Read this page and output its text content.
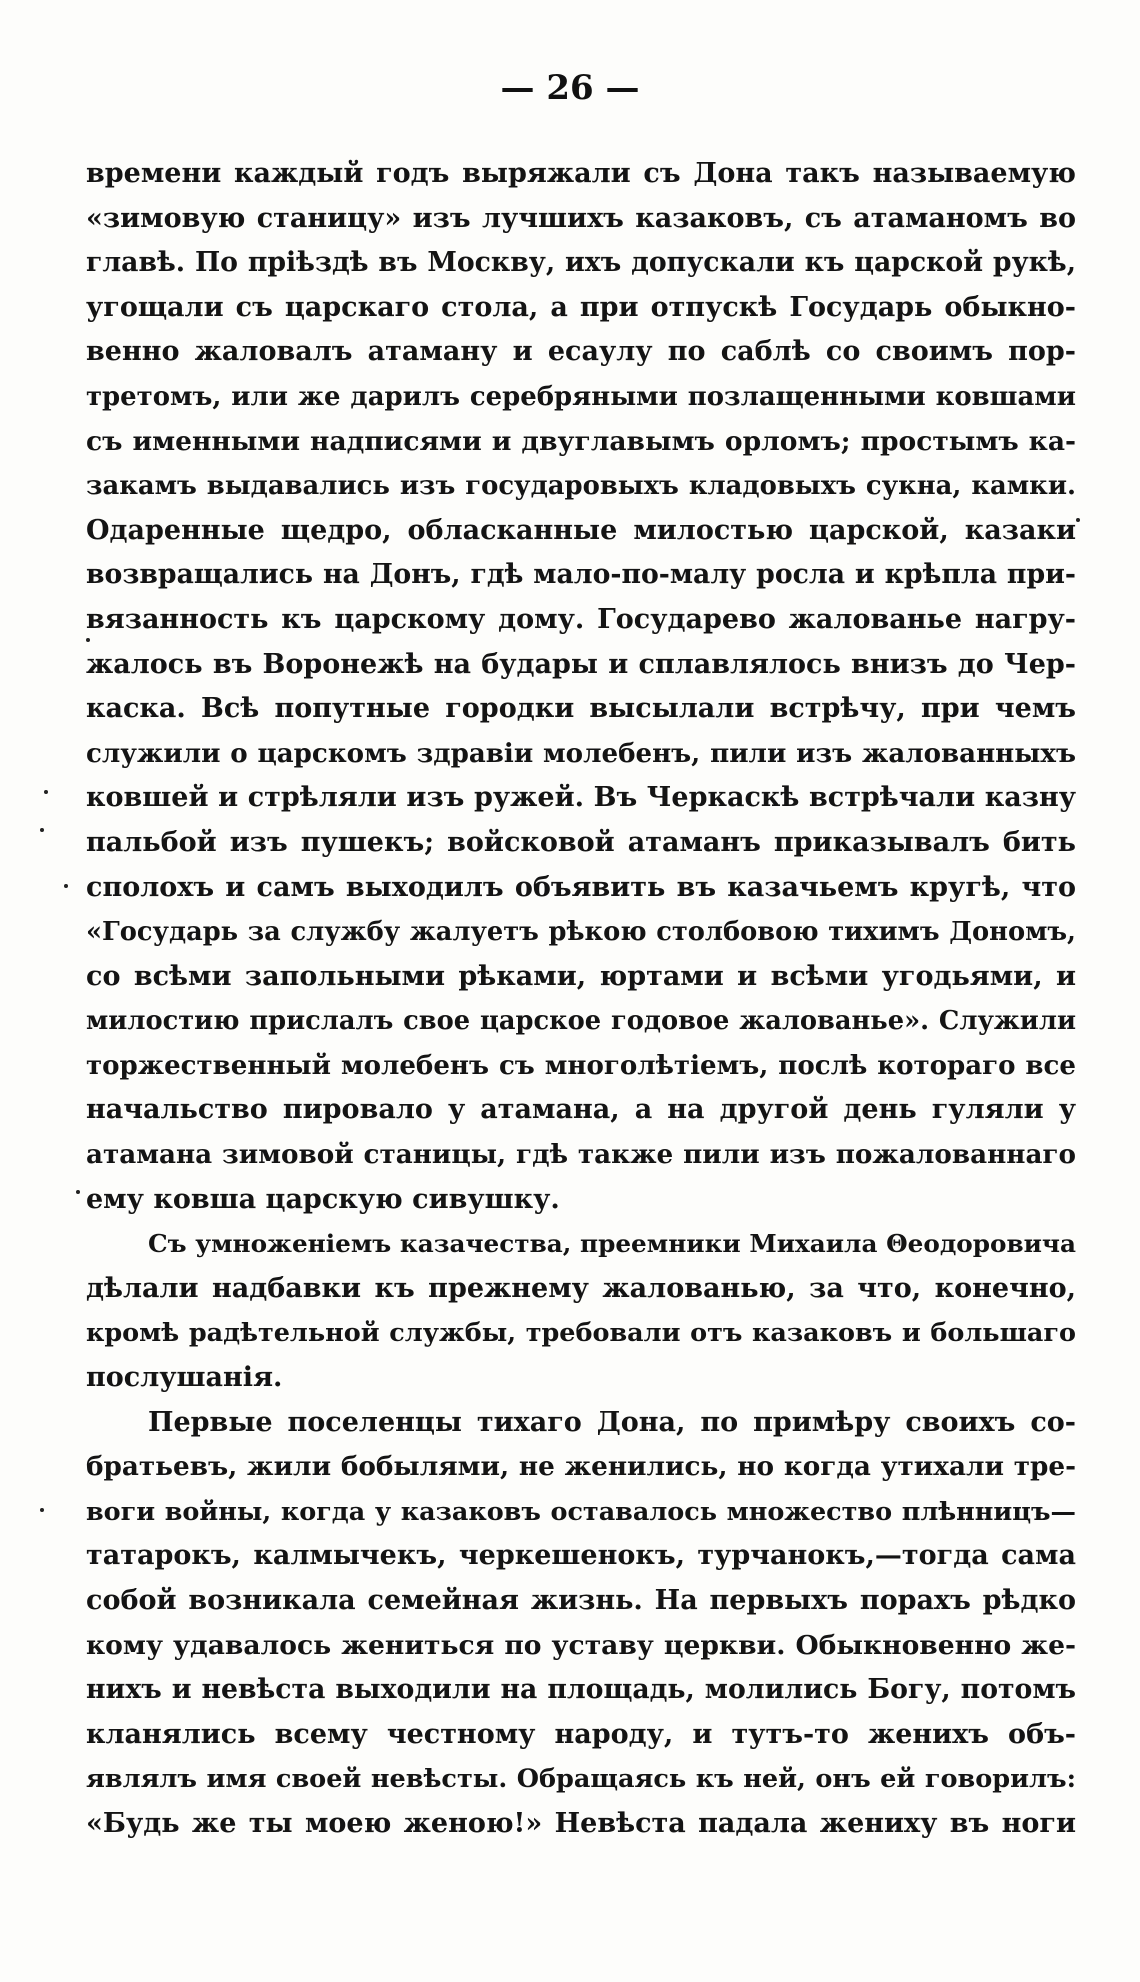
— 26 —
времени каждый годъ выряжали съ Дона такъ называемую
«зимовую станицу» изъ лучшихъ казаковъ, съ атаманомъ во
главѣ. По пріѣздѣ въ Москву, ихъ допускали къ царской рукѣ,
угощали съ царскаго стола, а при отпускѣ Государь обыкно-
венно жаловалъ атаману и есаулу по саблѣ со своимъ пор-
третомъ, или же дарилъ серебряными позлащенными ковшами
съ именными надписями и двуглавымъ орломъ; простымъ ка-
закамъ выдавались изъ государовыхъ кладовыхъ сукна, камки.
Одаренные щедро, обласканные милостью царской, казаки
возвращались на Донъ, гдѣ мало-по-малу росла и крѣпла при-
вязанность къ царскому дому. Государево жалованье нагру-
жалось въ Воронежѣ на будары и сплавлялось внизъ до Чер-
каска. Всѣ попутные городки высылали встрѣчу, при чемъ
служили о царскомъ здравіи молебенъ, пили изъ жалованныхъ
ковшей и стрѣляли изъ ружей. Въ Черкаскѣ встрѣчали казну
пальбой изъ пушекъ; войсковой атаманъ приказывалъ бить
сполохъ и самъ выходилъ объявить въ казачьемъ кругѣ, что
«Государь за службу жалуетъ рѣкою столбовою тихимъ Дономъ,
со всѣми запольными рѣками, юртами и всѣми угодьями, и
милостию прислалъ свое царское годовое жалованье». Служили
торжественный молебенъ съ многолѣтіемъ, послѣ котораго все
начальство пировало у атамана, а на другой день гуляли у
атамана зимовой станицы, гдѣ также пили изъ пожалованнаго
ему ковша царскую сивушку.
Съ умноженіемъ казачества, преемники Михаила Θеодоровича
дѣлали надбавки къ прежнему жалованью, за что, конечно,
кромѣ радѣтельной службы, требовали отъ казаковъ и большаго
послушанія.
Первые поселенцы тихаго Дона, по примѣру своихъ со-
братьевъ, жили бобылями, не женились, но когда утихали тре-
воги войны, когда у казаковъ оставалось множество плѣнницъ—
татарокъ, калмычекъ, черкешенокъ, турчанокъ,—тогда сама
собой возникала семейная жизнь. На первыхъ порахъ рѣдко
кому удавалось жениться по уставу церкви. Обыкновенно же-
нихъ и невѣста выходили на площадь, молились Богу, потомъ
кланялись всему честному народу, и тутъ-то женихъ объ-
являлъ имя своей невѣсты. Обращаясь къ ней, онъ ей говорилъ:
«Будь же ты моею женою!» Невѣста падала жениху въ ноги
